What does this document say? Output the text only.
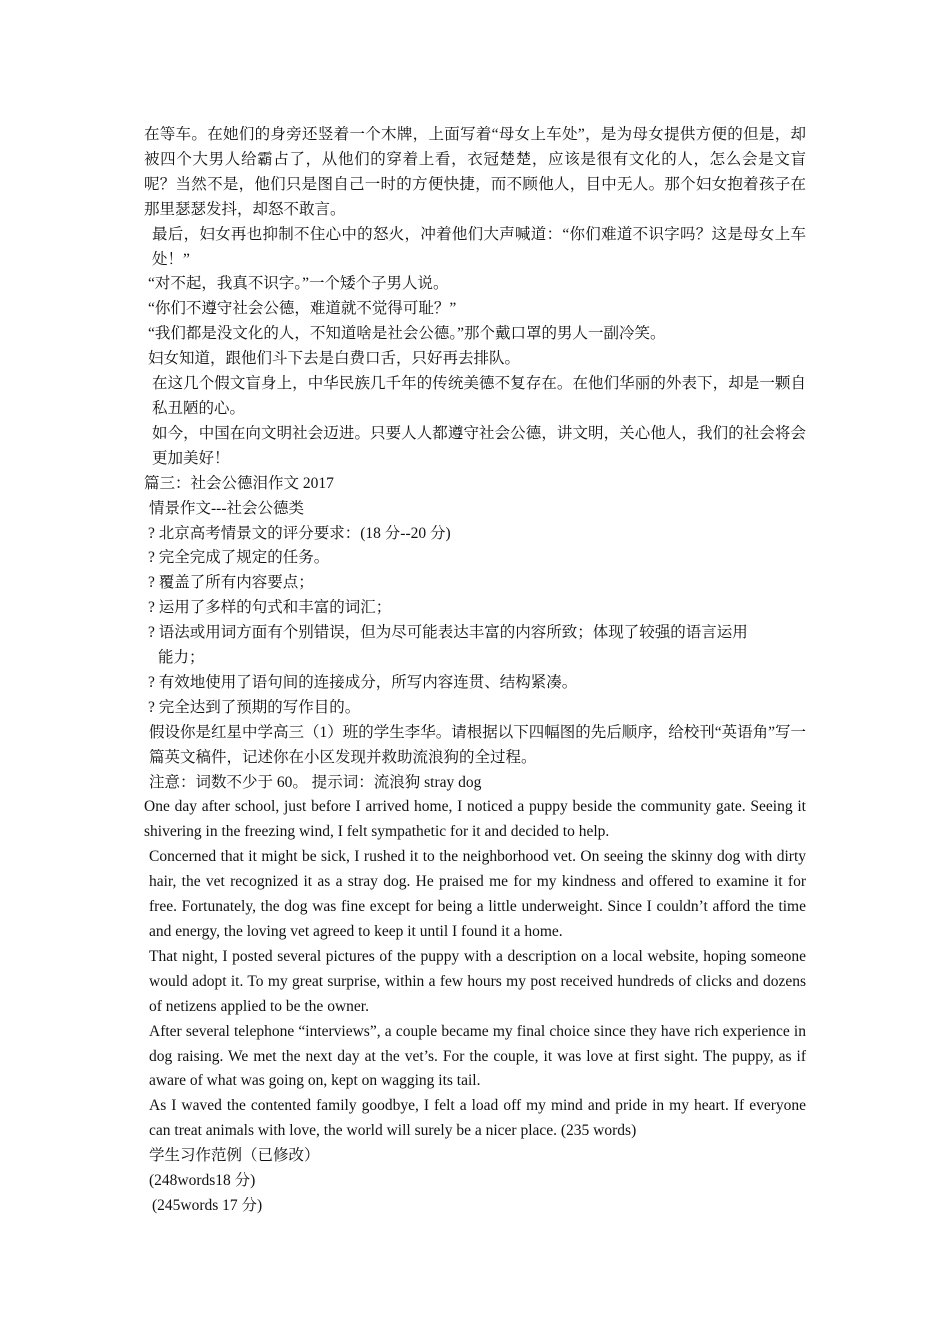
在等车。在她们的身旁还竖着一个木牌，上面写着“母女上车处”，是为母女提供方便的但是，却被四个大男人给霸占了，从他们的穿着上看，衣冠楚楚，应该是很有文化的人，怎么会是文盲呢？当然不是，他们只是图自己一时的方便快捷，而不顾他人，目中无人。那个妇女抱着孩子在那里瑟瑟发抖，却怒不敢言。

最后，妇女再也抑制不住心中的怒火，冲着他们大声喊道：“你们难道不识字吗？这是母女上车处！”

“对不起，我真不识字。”一个矮个子男人说。

“你们不遵守社会公德，难道就不觉得可耻？”

“我们都是没文化的人，不知道啥是社会公德。”那个戴口罩的男人一副冷笑。

妇女知道，跟他们斗下去是白费口舌，只好再去排队。

在这几个假文盲身上，中华民族几千年的传统美德不复存在。在他们华丽的外表下，却是一颗自私丑陋的心。

如今，中国在向文明社会迈进。只要人人都遵守社会公德，讲文明，关心他人，我们的社会将会更加美好！

篇三：社会公德泪作文 2017

情景作文---社会公德类

? 北京高考情景文的评分要求：(18 分--20 分)

? 完全完成了规定的任务。

? 覆盖了所有内容要点；

? 运用了多样的句式和丰富的词汇；

? 语法或用词方面有个别错误，但为尽可能表达丰富的内容所致；体现了较强的语言运用
能力；

? 有效地使用了语句间的连接成分，所写内容连贯、结构紧凑。

? 完全达到了预期的写作目的。

假设你是红星中学高三（1）班的学生李华。请根据以下四幅图的先后顺序，给校刊“英语角”写一篇英文稿件，记述你在小区发现并救助流浪狗的全过程。

注意：词数不少于 60。 提示词：流浪狗 stray dog

One day after school, just before I arrived home, I noticed a puppy beside the community gate. Seeing it shivering in the freezing wind, I felt sympathetic for it and decided to help.

Concerned that it might be sick, I rushed it to the neighborhood vet. On seeing the skinny dog with dirty hair, the vet recognized it as a stray dog. He praised me for my kindness and offered to examine it for free. Fortunately, the dog was fine except for being a little underweight. Since I couldn’t afford the time and energy, the loving vet agreed to keep it until I found it a home.

That night, I posted several pictures of the puppy with a description on a local website, hoping someone would adopt it. To my great surprise, within a few hours my post received hundreds of clicks and dozens of netizens applied to be the owner.

After several telephone “interviews”, a couple became my final choice since they have rich experience in dog raising. We met the next day at the vet’s. For the couple, it was love at first sight. The puppy, as if aware of what was going on, kept on wagging its tail.

As I waved the contented family goodbye, I felt a load off my mind and pride in my heart. If everyone can treat animals with love, the world will surely be a nicer place. (235 words)

学生习作范例（已修改）

(248words18 分)

(245words 17 分)
